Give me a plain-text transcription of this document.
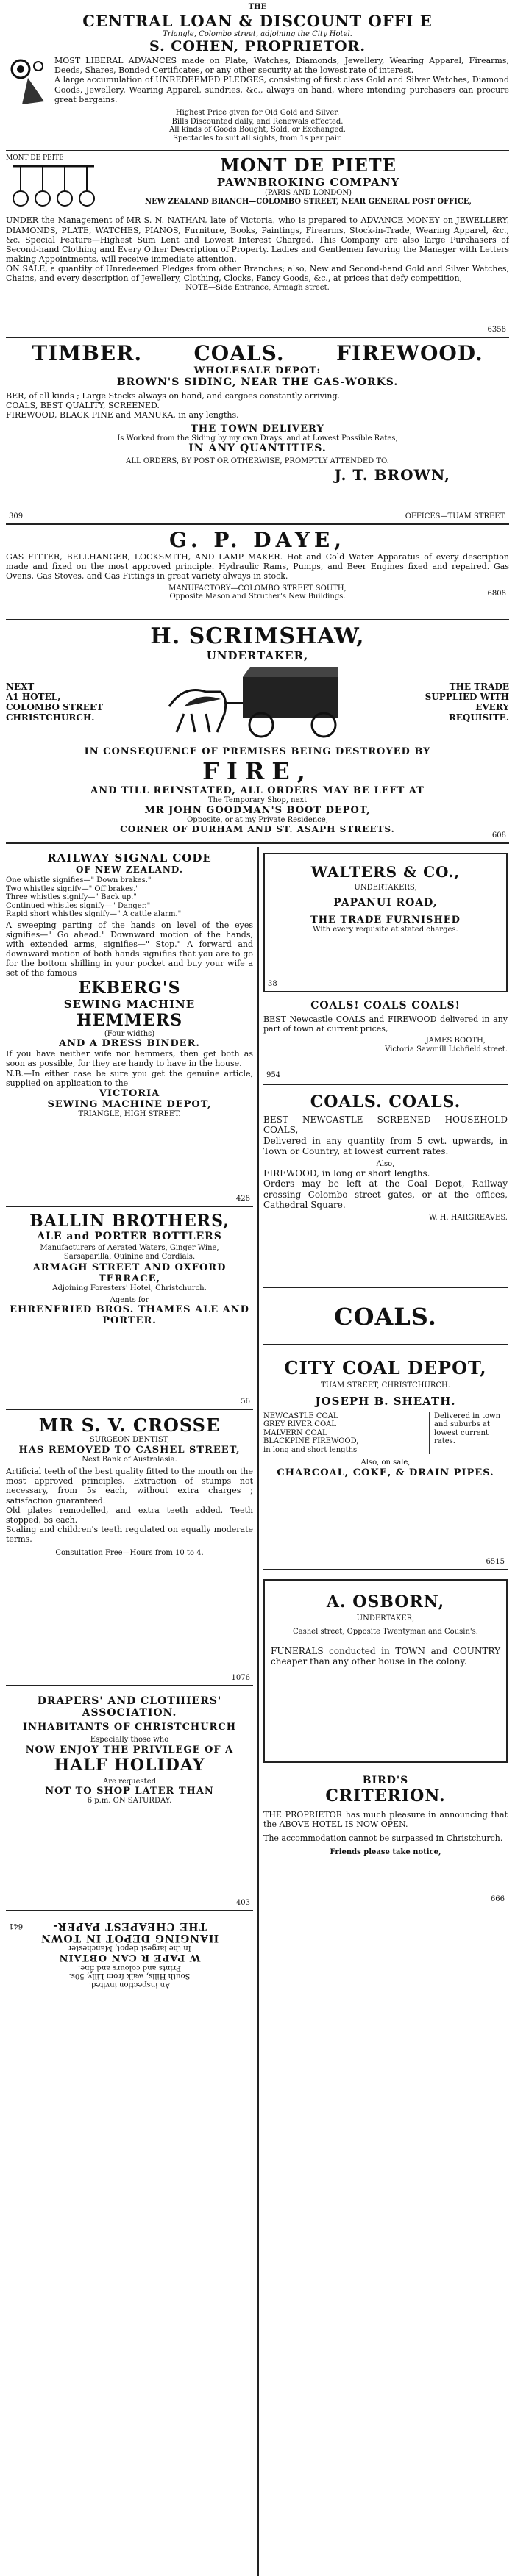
THE

CENTRAL LOAN & DISCOUNT OFFI E

Triangle, Colombo street, adjoining the City Hotel.

S. COHEN, PROPRIETOR.

MOST LIBERAL ADVANCES made on Plate, Watches, Diamonds, Jewellery, Wearing Apparel, Firearms, Deeds, Shares, Bonded Certificates, or any other security at the lowest rate of interest.

A large accumulation of UNREDEEMED PLEDGES, consisting of first class Gold and Silver Watches, Diamond Goods, Jewellery, Wearing Apparel, sundries, &c., always on hand, where intending purchasers can procure great bargains.

Highest Price given for Old Gold and Silver.

Bills Discounted daily, and Renewals effected.

All kinds of Goods Bought, Sold, or Exchanged.

Spectacles to suit all sights, from 1s per pair.

MONT DE PEITE	MONT DE PIETE

PAWNBROKING COMPANY

(PARIS AND LONDON)

NEW ZEALAND BRANCH—COLOMBO STREET, NEAR GENERAL POST OFFICE,

UNDER the Management of MR S. N. NATHAN, late of Victoria, who is prepared to ADVANCE MONEY on JEWELLERY, DIAMONDS, PLATE, WATCHES, PIANOS, Furniture, Books, Paintings, Firearms, Stock-in-Trade, Wearing Apparel, &c., &c. Special Feature—Highest Sum Lent and Lowest Interest Charged. This Company are also large Purchasers of Second-hand Clothing and Every Other Description of Property. Ladies and Gentlemen favoring the Manager with Letters making Appointments, will receive immediate attention.

ON SALE, a quantity of Unredeemed Pledges from other Branches; also, New and Second-hand Gold and Silver Watches, Chains, and every description of Jewellery, Clothing, Clocks, Fancy Goods, &c., at prices that defy competition,

NOTE—Side Entrance, Armagh street.

6358
TIMBER.	COALS.	FIREWOOD.

WHOLESALE DEPOT:

BROWN'S SIDING, NEAR THE GAS-WORKS.

BER, of all kinds ; Large Stocks always on hand, and cargoes constantly arriving.

COALS, BEST QUALITY, SCREENED.

FIREWOOD, BLACK PINE and MANUKA, in any lengths.

THE TOWN DELIVERY

Is Worked from the Siding by my own Drays, and at Lowest Possible Rates,

IN ANY QUANTITIES.

ALL ORDERS, BY POST OR OTHERWISE, PROMPTLY ATTENDED TO.

J. T. BROWN,

309	OFFICES—TUAM STREET.

G. P. DAYE,

GAS FITTER, BELLHANGER, LOCKSMITH, AND LAMP MAKER. Hot and Cold Water Apparatus of every description made and fixed on the most approved principle. Hydraulic Rams, Pumps, and Beer Engines fixed and repaired. Gas Ovens, Gas Stoves, and Gas Fittings in great variety always in stock.

MANUFACTORY—COLOMBO STREET SOUTH,

Opposite Mason and Struther's New Buildings.	6808

H. SCRIMSHAW,

UNDERTAKER,

NEXT

A1 HOTEL,

COLOMBO STREET

CHRISTCHURCH.

THE TRADE

SUPPLIED WITH

EVERY

REQUISITE.

IN CONSEQUENCE OF PREMISES BEING DESTROYED BY

FIRE,

AND TILL REINSTATED, ALL ORDERS MAY BE LEFT AT

The Temporary Shop, next

MR JOHN GOODMAN'S BOOT DEPOT,

Opposite, or at my Private Residence,

CORNER OF DURHAM AND ST. ASAPH STREETS.

608

RAILWAY SIGNAL CODE

OF NEW ZEALAND.

One whistle signifies—" Down brakes."

Two whistles signify—" Off brakes."

Three whistles signify—" Back up."

Continued whistles signify—" Danger."

Rapid short whistles signify—" A cattle alarm."

A sweeping parting of the hands on level of the eyes signifies—" Go ahead." Downward motion of the hands, with extended arms, signifies—" Stop." A forward and downward motion of both hands signifies that you are to go for the bottom shilling in your pocket and buy your wife a set of the famous

EKBERG'S

SEWING MACHINE

HEMMERS

(Four widths)

AND A DRESS BINDER.

If you have neither wife nor hemmers, then get both as soon as possible, for they are handy to have in the house.

N.B.—In either case be sure you get the genuine article, supplied on application to the

VICTORIA

SEWING MACHINE DEPOT,

TRIANGLE, HIGH STREET.

428

BALLIN BROTHERS,

ALE and PORTER BOTTLERS

Manufacturers of Aerated Waters, Ginger Wine, Sarsaparilla, Quinine and Cordials.

ARMAGH STREET AND OXFORD TERRACE,

Adjoining Foresters' Hotel, Christchurch.

Agents for

EHRENFRIED BROS. THAMES ALE AND PORTER.

56

MR S. V. CROSSE

SURGEON DENTIST,

HAS REMOVED TO CASHEL STREET,

Next Bank of Australasia.

Artificial teeth of the best quality fitted to the mouth on the most approved principles. Extraction of stumps not necessary, from 5s each, without extra charges ; satisfaction guaranteed.

Old plates remodelled, and extra teeth added. Teeth stopped, 5s each.

Scaling and children's teeth regulated on equally moderate terms.

Consultation Free—Hours from 10 to 4.

1076

DRAPERS' AND CLOTHIERS' ASSOCIATION.

INHABITANTS OF CHRISTCHURCH

Especially those who

NOW ENJOY THE PRIVILEGE OF A

HALF HOLIDAY

Are requested

NOT TO SHOP LATER THAN

6 p.m. ON SATURDAY.

403
641

An inspection invited.

South Hills, walk from Lilly, 50s.

Prints and colours and fine.

W PAPE R CAN OBTAIN

In the largest depot, Manchester

HANGING DEPOT IN TOWN

THE CHEAPEST PAPER-

WALTERS & CO.,

UNDERTAKERS,

PAPANUI ROAD,

THE TRADE FURNISHED

With every requisite at stated charges.

38

COALS! COALS COALS!

BEST Newcastle COALS and FIREWOOD delivered in any part of town at current prices,

JAMES BOOTH,

Victoria Sawmill Lichfield street.

954

COALS. COALS.

BEST NEWCASTLE SCREENED HOUSEHOLD COALS,

Delivered in any quantity from 5 cwt. upwards, in Town or Country, at lowest current rates.

Also,

FIREWOOD, in long or short lengths.

Orders may be left at the Coal Depot, Railway crossing Colombo street gates, or at the offices, Cathedral Square.

W. H. HARGREAVES.

COALS.

CITY COAL DEPOT,

TUAM STREET, CHRISTCHURCH.

JOSEPH B. SHEATH.

NEWCASTLE COAL

GREY RIVER COAL

MALVERN COAL

BLACKPINE FIREWOOD,

in long and short lengths

Delivered in town and suburbs at lowest current rates.

Also, on sale,

CHARCOAL, COKE, & DRAIN PIPES.

6515

A. OSBORN,

UNDERTAKER,

Cashel street, Opposite Twentyman and Cousin's.

FUNERALS conducted in TOWN and COUNTRY cheaper than any other house in the colony.

BIRD'S

CRITERION.

THE PROPRIETOR has much pleasure in announcing that the ABOVE HOTEL IS NOW OPEN.

The accommodation cannot be surpassed in Christchurch.

Friends please take notice,

666
